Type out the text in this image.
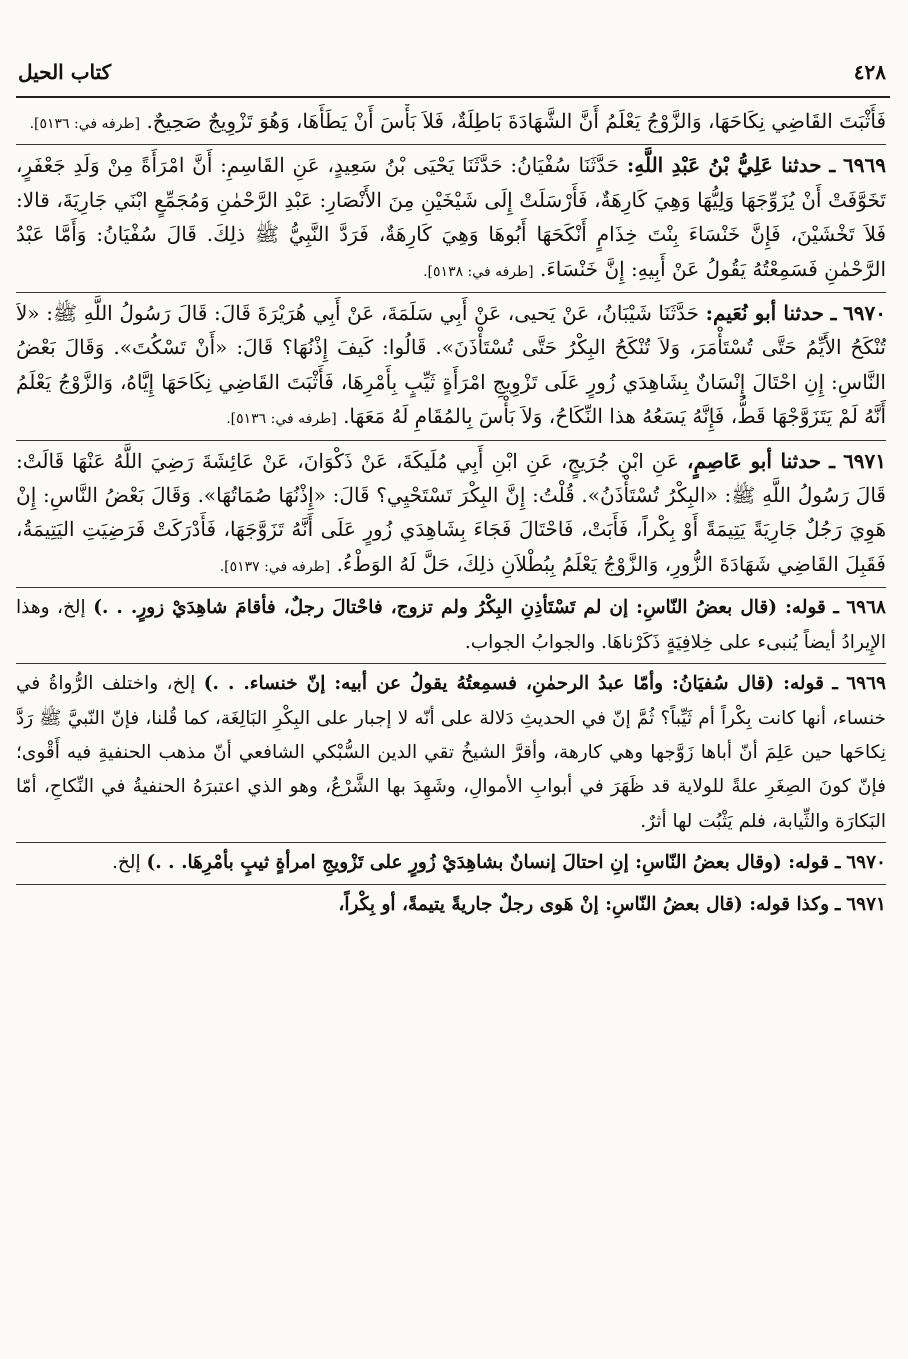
٤٢٨
كتاب الحيل

فَأَثْبَتَ القَاضِي نِكَاحَهَا، وَالزَّوْجُ يَعْلَمُ أَنَّ الشَّهَادَةَ بَاطِلَةٌ، فَلاَ بَأْسَ أَنْ يَطَأَهَا، وَهُوَ تَزْوِيجٌ صَحِيحٌ. [طرفه في: ٥١٣٦].

٦٩٦٩ ـ حدثنا عَلِيُّ بْنُ عَبْدِ اللَّهِ: حَدَّثَنَا سُفْيَانُ: حَدَّثَنَا يَحْيَى بْنُ سَعِيدٍ، عَنِ القَاسِمِ: أَنَّ امْرَأَةً مِنْ وَلَدِ جَعْفَرٍ، تَخَوَّفَتْ أَنْ يُزَوِّجَهَا وَلِيُّهَا وَهِيَ كَارِهَةٌ، فَأَرْسَلَتْ إِلَى شَيْخَيْنِ مِنَ الأَنْصَارِ: عَبْدِ الرَّحْمٰنِ وَمُجَمِّعٍ ابْنَي جَارِيَةَ، قالا: فَلاَ تَخْشَيْنَ، فَإِنَّ خَنْسَاءَ بِنْتَ خِذَامٍ أَنْكَحَهَا أَبُوهَا وَهِيَ كَارِهَةٌ، فَرَدَّ النَّبِيُّ ﷺ ذلِكَ. قَالَ سُفْيَانُ: وَأَمَّا عَبْدُ الرَّحْمٰنِ فَسَمِعْتُهُ يَقُولُ عَنْ أَبِيهِ: إِنَّ خَنْسَاءَ. [طرفه في: ٥١٣٨].

٦٩٧٠ ـ حدثنا أبو نُعَيم: حَدَّثَنَا شَيْبَانُ، عَنْ يَحيى، عَنْ أَبِي سَلَمَةَ، عَنْ أَبِي هُرَيْرَةَ قَالَ: قَالَ رَسُولُ اللَّهِ ﷺ: «لاَ تُنْكَحُ الأَيِّمُ حَتَّى تُسْتَأْمَرَ، وَلاَ تُنْكَحُ البِكْرُ حَتَّى تُسْتَأْذَنَ». قَالُوا: كَيفَ إِذْنُهَا؟ قَالَ: «أَنْ تَسْكُتَ». وَقَالَ بَعْضُ النَّاسِ: إِنِ احْتَالَ إِنْسَانٌ بِشَاهِدَي زُورٍ عَلَى تَزْوِيجِ امْرَأَةٍ ثَيِّبٍ بِأَمْرِهَا، فَأَثْبَتَ القَاضِي نِكَاحَهَا إِيَّاهُ، وَالزَّوْجُ يَعْلَمُ أَنَّهُ لَمْ يَتَزَوَّجْهَا قَطُّ، فَإِنَّهُ يَسَعُهُ هذا النِّكَاحُ، وَلاَ بَأْسَ بِالمُقَامِ لَهُ مَعَهَا. [طرفه في: ٥١٣٦].

٦٩٧١ ـ حدثنا أبو عَاصِمٍ، عَنِ ابْنِ جُرَيجٍ، عَنِ ابْنِ أَبِي مُلَيكَةَ، عَنْ ذَكْوَانَ، عَنْ عَائِشَةَ رَضِيَ اللَّهُ عَنْهَا قَالَتْ: قَالَ رَسُولُ اللَّهِ ﷺ: «البِكْرُ تُسْتَأْذَنُ». قُلْتُ: إِنَّ البِكْرَ تَسْتَحْيِي؟ قَالَ: «إِذْنُهَا صُمَاتُهَا». وَقَالَ بَعْضُ النَّاسِ: إِنْ هَوِيَ رَجُلٌ جَارِيَةً يَتِيمَةً أَوْ بِكْراً، فَأَبَتْ، فَاحْتَالَ فَجَاءَ بِشَاهِدَي زُورٍ عَلَى أَنَّهُ تَزَوَّجَهَا، فَأَدْرَكَتْ فَرَضِيَتِ اليَتِيمَةُ، فَقَبِلَ القَاضِي شَهَادَةَ الزُّورِ، وَالزَّوْجُ يَعْلَمُ بِبُطْلاَنِ ذلِكَ، حَلَّ لَهُ الوَطْءُ. [طرفه في: ٥١٣٧].

٦٩٦٨ ـ قوله: (قال بعضُ النّاسِ: إن لم تَسْتَأذِنِ البِكْرُ ولم تزوج، فاحْتالَ رجلٌ، فأقامَ شاهِدَيْ زورٍ. . .) إلخ، وهذا الإِيرادُ أيضاً يُنبىء على خِلافِيَةٍ ذَكَرْناهَا. والجوابُ الجواب.

٦٩٦٩ ـ قوله: (قال سُفيَانُ: وأمّا عبدُ الرحمٰنِ، فسمِعتُهُ يقولُ عن أبيه: إنّ خنساء. . .) إلخ، واختلف الرُّواةُ في خنساء، أنها كانت بِكْراً أم ثَيِّباً؟ ثُمَّ إنّ في الحديثِ دَلالة على أنّه لا إجبار على البِكْرِ البَالِغَة، كما قُلنا، فإنّ النّبيَّ ﷺ رَدَّ نِكاحَها حين عَلِمَ أنّ أباها زَوَّجها وهي كارهة، وأقرَّ الشيخُ تقي الدين السُّبْكي الشافعي أنّ مذهب الحنفيةِ فيه أَقْوى؛ فإنّ كونَ الصِغَرِ علةً للولاية قد ظَهَرَ في أبوابِ الأموالِ، وشَهِدَ بها الشَّرْعُ، وهو الذي اعتبرَهُ الحنفيةُ في النِّكاحِ، أمّا البَكارَة والثِّيابة، فلم يَثْبُت لها أثرٌ.

٦٩٧٠ ـ قوله: (وقال بعضُ النّاسِ: إنِ احتالَ إنسانٌ بشاهِدَيْ زُورٍ على تَزْويجِ امرأةٍ ثيبٍ بأمْرِهَا. . .) إلخ.

٦٩٧١ ـ وكذا قوله: (قال بعضُ النّاسِ: إنْ هَوى رجلٌ جاريةً يتيمةً، أو بِكْراً،
